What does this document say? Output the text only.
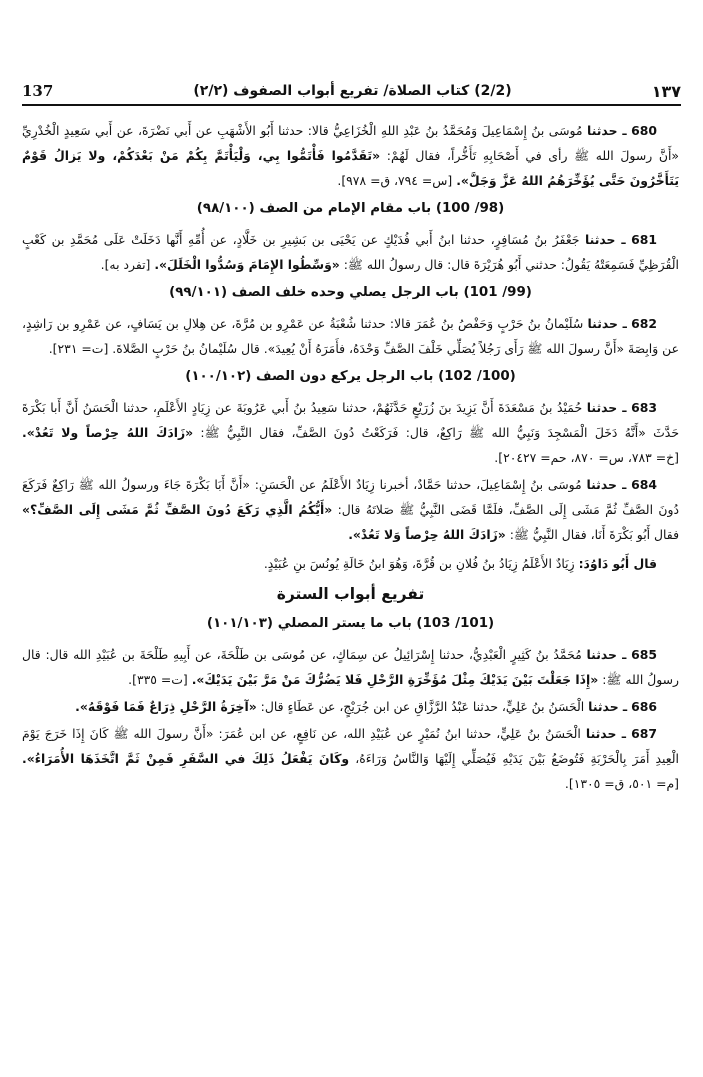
137	(2/2) كتاب الصلاة/ تفريع أبواب الصفوف (٢/٢)	١٣٧

680 ـ حدثنا مُوسَى بنُ إِسْمَاعِيلَ وَمُحَمَّدُ بنُ عَبْدِ اللهِ الْخُزَاعِيُّ قالا: حدثنا أَبُو الأَشْهَبِ عن أَبي نَضْرَةَ، عن أَبي سَعِيدٍ الْخُدْرِيِّ «أَنَّ رسولَ الله ﷺ رأى في أَصْحَابِهِ تَأَخُّراً، فقال لَهُمْ: «تَقَدَّمُوا فَأْتَمُّوا بِي، وَلْيَأْتَمَّ بِكُمْ مَنْ بَعْدَكُمْ، ولا يَزالُ قَوْمٌ يَتَأَخَّرُونَ حَتَّى يُؤَخِّرَهُمُ اللهُ عَزَّ وَجَلَّ». [س= ٧٩٤، ق= ٩٧٨].

(98/ 100) باب مقام الإمام من الصف (٩٨/١٠٠)

681 ـ حدثنا جَعْفَرُ بنُ مُسَافِرٍ، حدثنا ابنُ أَبي فُدَيْكٍ عن يَحْيَى بن بَشِيرِ بن خَلَّادٍ، عن أُمِّهِ أَنَّها دَخَلَتْ عَلَى مُحَمَّدِ بن كَعْبٍ الْقُرَظِيِّ فَسَمِعَتْهُ يَقُولُ: حدثني أَبُو هُرَيْرَةَ قال: قال رسولُ الله ﷺ: «وَسِّطُوا الإِمَامَ وَسُدُّوا الْخَلَلَ». [تفرد به].

(99/ 101) باب الرجل يصلي وحده خلف الصف (٩٩/١٠١)

682 ـ حدثنا سُلَيْمانُ بنُ حَرْبٍ وَحَفْصُ بنُ عُمَرَ قالا: حدثنا شُعْبَةُ عن عَمْرِو بن مُرَّةَ، عن هِلالِ بن يَسَافٍ، عن عَمْرِو بن رَاشِدٍ، عن وَابِصَةَ «أَنَّ رسولَ الله ﷺ رَأَى رَجُلاً يُصَلِّي خَلْفَ الصَّفِّ وَحْدَهُ، فأَمَرَهُ أَنْ يُعِيدَ». قال سُلَيْمانُ بنُ حَرْبٍ الصَّلاةَ. [ت= ٢٣١].

(100/ 102) باب الرجل يركع دون الصف (١٠٠/١٠٢)

683 ـ حدثنا حُمَيْدُ بنُ مَسْعَدَةَ أَنَّ يَزِيدَ بنَ زُرَيْعٍ حَدَّثَهُمْ، حدثنا سَعِيدُ بنُ أَبي عَرُوبَةَ عن زِيَادٍ الأَعْلَمِ، حدثنا الْحَسَنُ أَنَّ أَبا بَكْرَةَ حَدَّثَ «أَنَّهُ دَخَلَ الْمَسْجِدَ وَنَبِيُّ الله ﷺ رَاكِعٌ، قال: فَرَكَعْتُ دُونَ الصَّفِّ، فقال النَّبِيُّ ﷺ: «زَادَكَ اللهُ حِرْصاً ولا تَعُدْ». [خ= ٧٨٣، س= ٨٧٠، حم= ٢٠٤٢٧].

684 ـ حدثنا مُوسَى بنُ إِسْمَاعِيلَ، حدثنا حَمَّادٌ، أخبرنا زِيَادٌ الأَعْلَمُ عن الْحَسَنِ: «أَنَّ أَبَا بَكْرَةَ جَاءَ ورسولُ الله ﷺ رَاكِعٌ فَرَكَعَ دُونَ الصَّفِّ ثُمَّ مَشَى إِلَى الصَّفِّ، فلَمَّا قَضَى النَّبِيُّ ﷺ صَلاتَهُ قال: «أَيُّكُمُ الَّذِي رَكَعَ دُونَ الصَّفِّ ثُمَّ مَشَى إِلَى الصَّفِّ؟» فقال أَبُو بَكْرَةَ أَنَا، فقال النَّبِيُّ ﷺ: «زَادَكَ اللهُ حِرْصاً وَلا تَعُدْ».

قال أَبُو دَاوُدَ: زِيَادٌ الأَعْلَمُ زِيَادُ بنُ فُلانِ بن قُرَّةَ، وَهُوَ ابنُ خَالَةِ يُونُسَ بنِ عُبَيْدٍ.

تفريع أبواب السترة
(101/ 103) باب ما يستر المصلي (١٠١/١٠٣)

685 ـ حدثنا مُحَمَّدُ بنُ كَثِيرٍ الْعَبْدِيُّ، حدثنا إِسْرَائِيلُ عن سِمَاكٍ، عن مُوسَى بن طَلْحَةَ، عن أَبِيهِ طَلْحَةَ بن عُبَيْدِ الله قال: قال رسولُ الله ﷺ: «إِذَا جَعَلْتَ بَيْنَ يَدَيْكَ مِثْلَ مُؤَخِّرَةِ الرَّحْلِ فَلا يَضُرُّكَ مَنْ مَرَّ بَيْنَ يَدَيْكَ». [ت= ٣٣٥].

686 ـ حدثنا الْحَسَنُ بنُ عَلِيٍّ، حدثنا عَبْدُ الرَّزَّاقِ عن ابن جُرَيْجٍ، عن عَطَاءٍ قال: «آخِرَةُ الرَّحْلِ ذِرَاعٌ فَمَا فَوْقَهُ».

687 ـ حدثنا الْحَسَنُ بنُ عَلِيٍّ، حدثنا ابنُ نُمَيْرٍ عن عُبَيْدِ الله، عن نَافِعٍ، عن ابن عُمَرَ: «أَنَّ رسولَ الله ﷺ كَانَ إِذَا خَرَجَ يَوْمَ الْعِيدِ أَمَرَ بِالْحَرْبَةِ فَتُوضَعُ بَيْنَ يَدَيْهِ فَيُصَلِّي إِلَيْهَا وَالنَّاسُ وَرَاءَهُ، وكَانَ يَفْعَلُ ذَلِكَ في السَّفَرِ فَمِنْ ثَمَّ اتَّخَذَهَا الأُمَرَاءُ». [م= ٥٠١، ق= ١٣٠٥].
